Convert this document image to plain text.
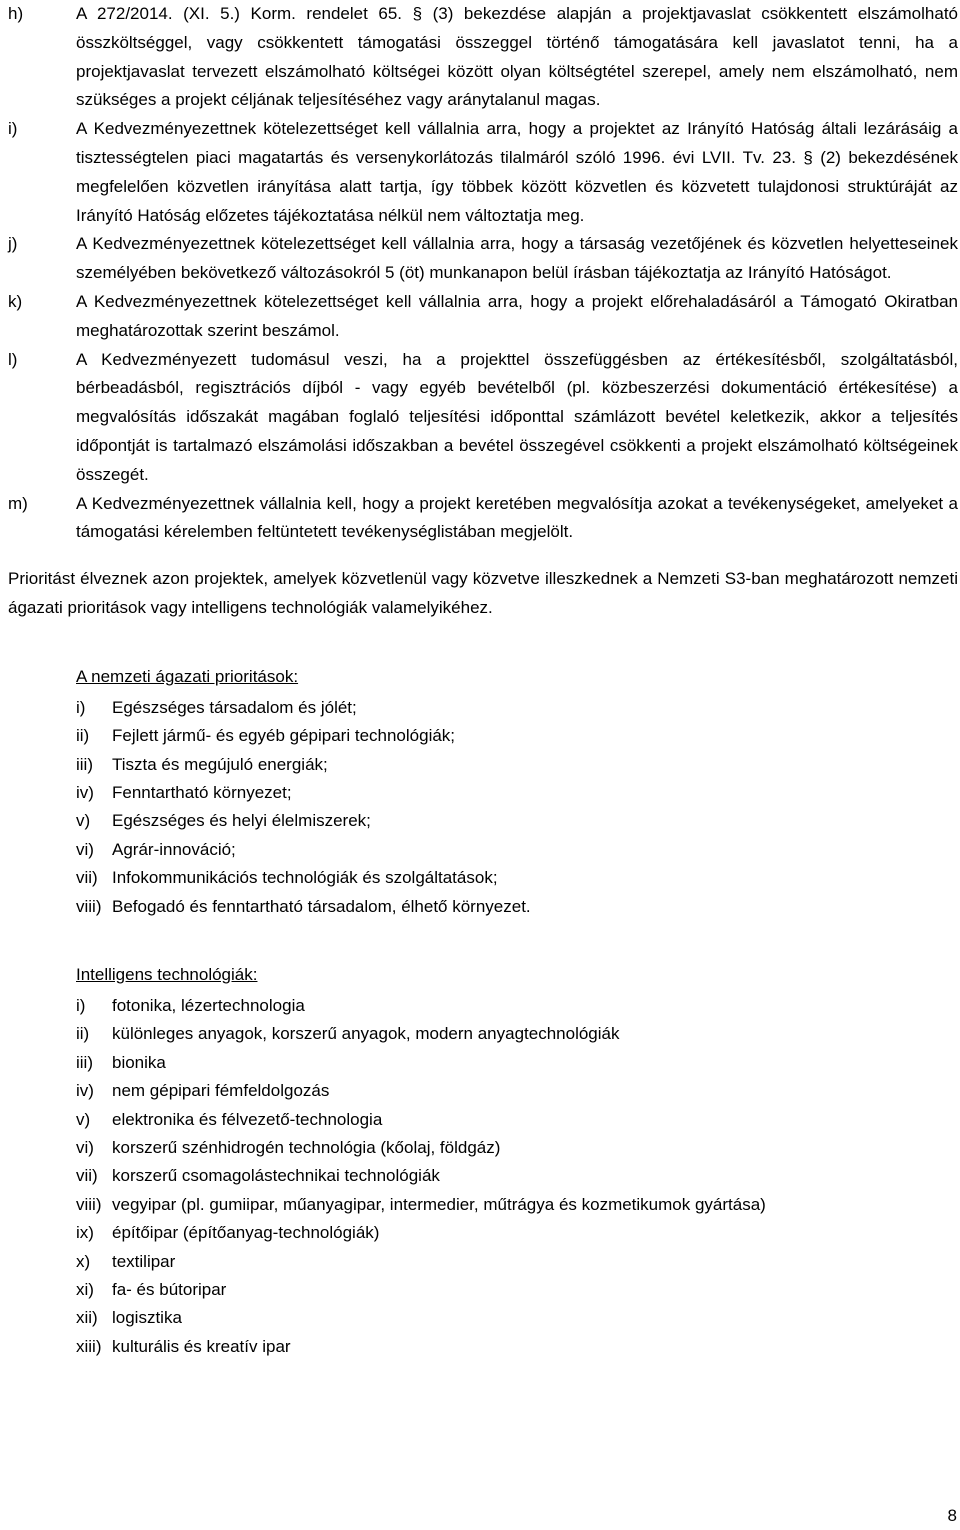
h)	A 272/2014. (XI. 5.) Korm. rendelet 65. § (3) bekezdése alapján a projektjavaslat csökkentett elszámolható összköltséggel, vagy csökkentett támogatási összeggel történő támogatására kell javaslatot tenni, ha a projektjavaslat tervezett elszámolható költségei között olyan költségtétel szerepel, amely nem elszámolható, nem szükséges a projekt céljának teljesítéséhez vagy aránytalanul magas.

i)	A Kedvezményezettnek kötelezettséget kell vállalnia arra, hogy a projektet az Irányító Hatóság általi lezárásáig a tisztességtelen piaci magatartás és versenykorlátozás tilalmáról szóló 1996. évi LVII. Tv. 23. § (2) bekezdésének megfelelően közvetlen irányítása alatt tartja, így többek között közvetlen és közvetett tulajdonosi struktúráját az Irányító Hatóság előzetes tájékoztatása nélkül nem változtatja meg.

j)	A Kedvezményezettnek kötelezettséget kell vállalnia arra, hogy a társaság vezetőjének és közvetlen helyetteseinek személyében bekövetkező változásokról 5 (öt) munkanapon belül írásban tájékoztatja az Irányító Hatóságot.

k)	A Kedvezményezettnek kötelezettséget kell vállalnia arra, hogy a projekt előrehaladásáról a Támogató Okiratban meghatározottak szerint beszámol.

l)	A Kedvezményezett tudomásul veszi, ha a projekttel összefüggésben az értékesítésből, szolgáltatásból, bérbeadásból, regisztrációs díjból - vagy egyéb bevételből (pl. közbeszerzési dokumentáció értékesítése) a megvalósítás időszakát magában foglaló teljesítési időponttal számlázott bevétel keletkezik, akkor a teljesítés időpontját is tartalmazó elszámolási időszakban a bevétel összegével csökkenti a projekt elszámolható költségeinek összegét.

m)	A Kedvezményezettnek vállalnia kell, hogy a projekt keretében megvalósítja azokat a tevékenységeket, amelyeket a támogatási kérelemben feltüntetett tevékenységlistában megjelölt.

Prioritást élveznek azon projektek, amelyek közvetlenül vagy közvetve illeszkednek a Nemzeti S3-ban meghatározott nemzeti ágazati prioritások vagy intelligens technológiák valamelyikéhez.

A nemzeti ágazati prioritások:
i) Egészséges társadalom és jólét;
ii) Fejlett jármű- és egyéb gépipari technológiák;
iii) Tiszta és megújuló energiák;
iv) Fenntartható környezet;
v) Egészséges és helyi élelmiszerek;
vi) Agrár-innováció;
vii) Infokommunikációs technológiák és szolgáltatások;
viii) Befogadó és fenntartható társadalom, élhető környezet.
Intelligens technológiák:
i) fotonika, lézertechnologia
ii) különleges anyagok, korszerű anyagok, modern anyagtechnológiák
iii) bionika
iv) nem gépipari fémfeldolgozás
v) elektronika és félvezető-technologia
vi) korszerű szénhidrogén technológia (kőolaj, földgáz)
vii) korszerű csomagolástechnikai technológiák
viii) vegyipar (pl. gumiipar, műanyagipar, intermedier, műtrágya és kozmetikumok gyártása)
ix) építőipar (építőanyag-technológiák)
x) textilipar
xi) fa- és bútoripar
xii) logisztika
xiii) kulturális és kreatív ipar
8
